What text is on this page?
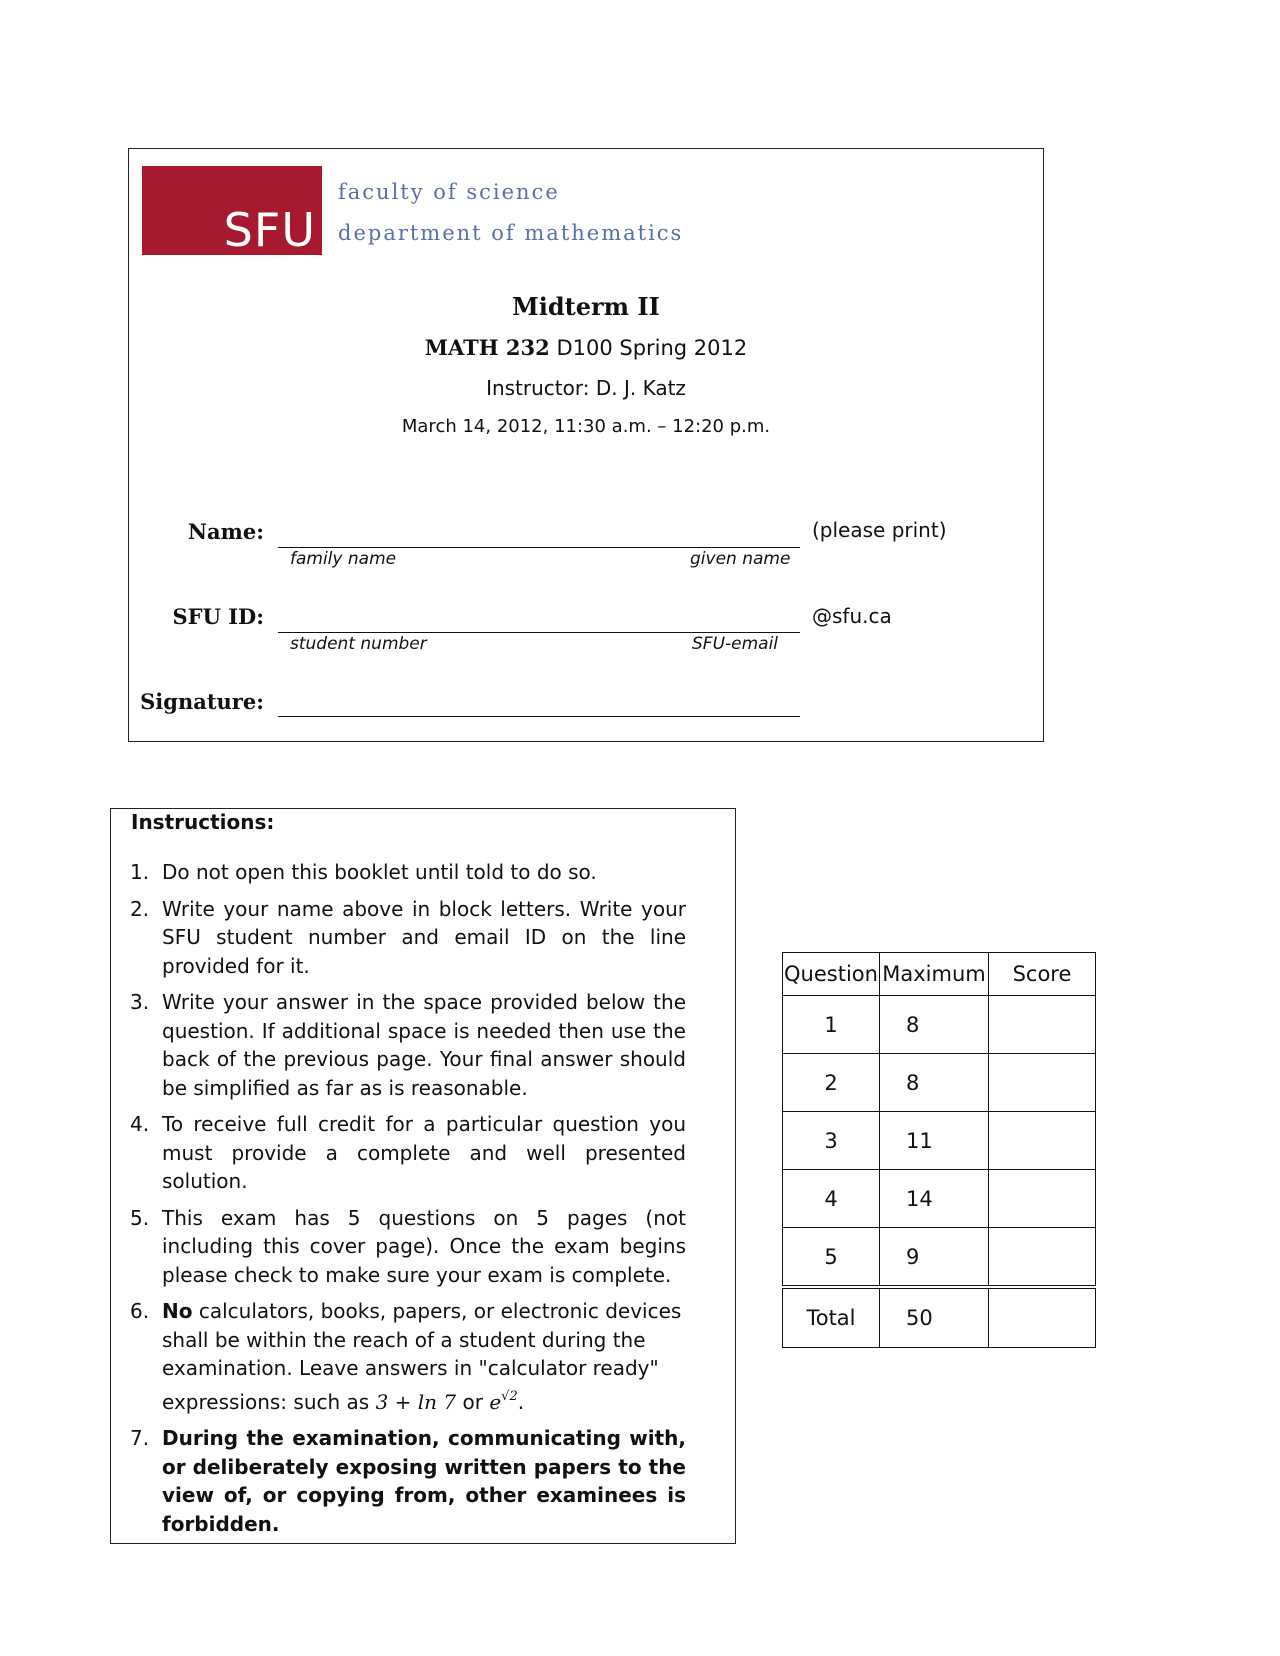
SFU
faculty of science
department of mathematics
Midterm II
MATH 232 D100 Spring 2012
Instructor: D. J. Katz
March 14, 2012, 11:30 a.m. – 12:20 p.m.
Name:
family name	given name
(please print)
SFU ID:
student number	SFU-email
@sfu.ca
Signature:
Instructions:
1. Do not open this booklet until told to do so.
2. Write your name above in block letters. Write your SFU student number and email ID on the line provided for it.
3. Write your answer in the space provided below the question. If additional space is needed then use the back of the previous page. Your final answer should be simplified as far as is reasonable.
4. To receive full credit for a particular question you must provide a complete and well presented solution.
5. This exam has 5 questions on 5 pages (not including this cover page). Once the exam begins please check to make sure your exam is complete.
6. No calculators, books, papers, or electronic devices shall be within the reach of a student during the examination. Leave answers in "calculator ready" expressions: such as 3 + ln 7 or $e^{√2}$.
7. During the examination, communicating with, or deliberately exposing written papers to the view of, or copying from, other examinees is forbidden.
Question	Maximum	Score
1	8	
2	8	
3	11	
4	14	
5	9	
Total	50	
